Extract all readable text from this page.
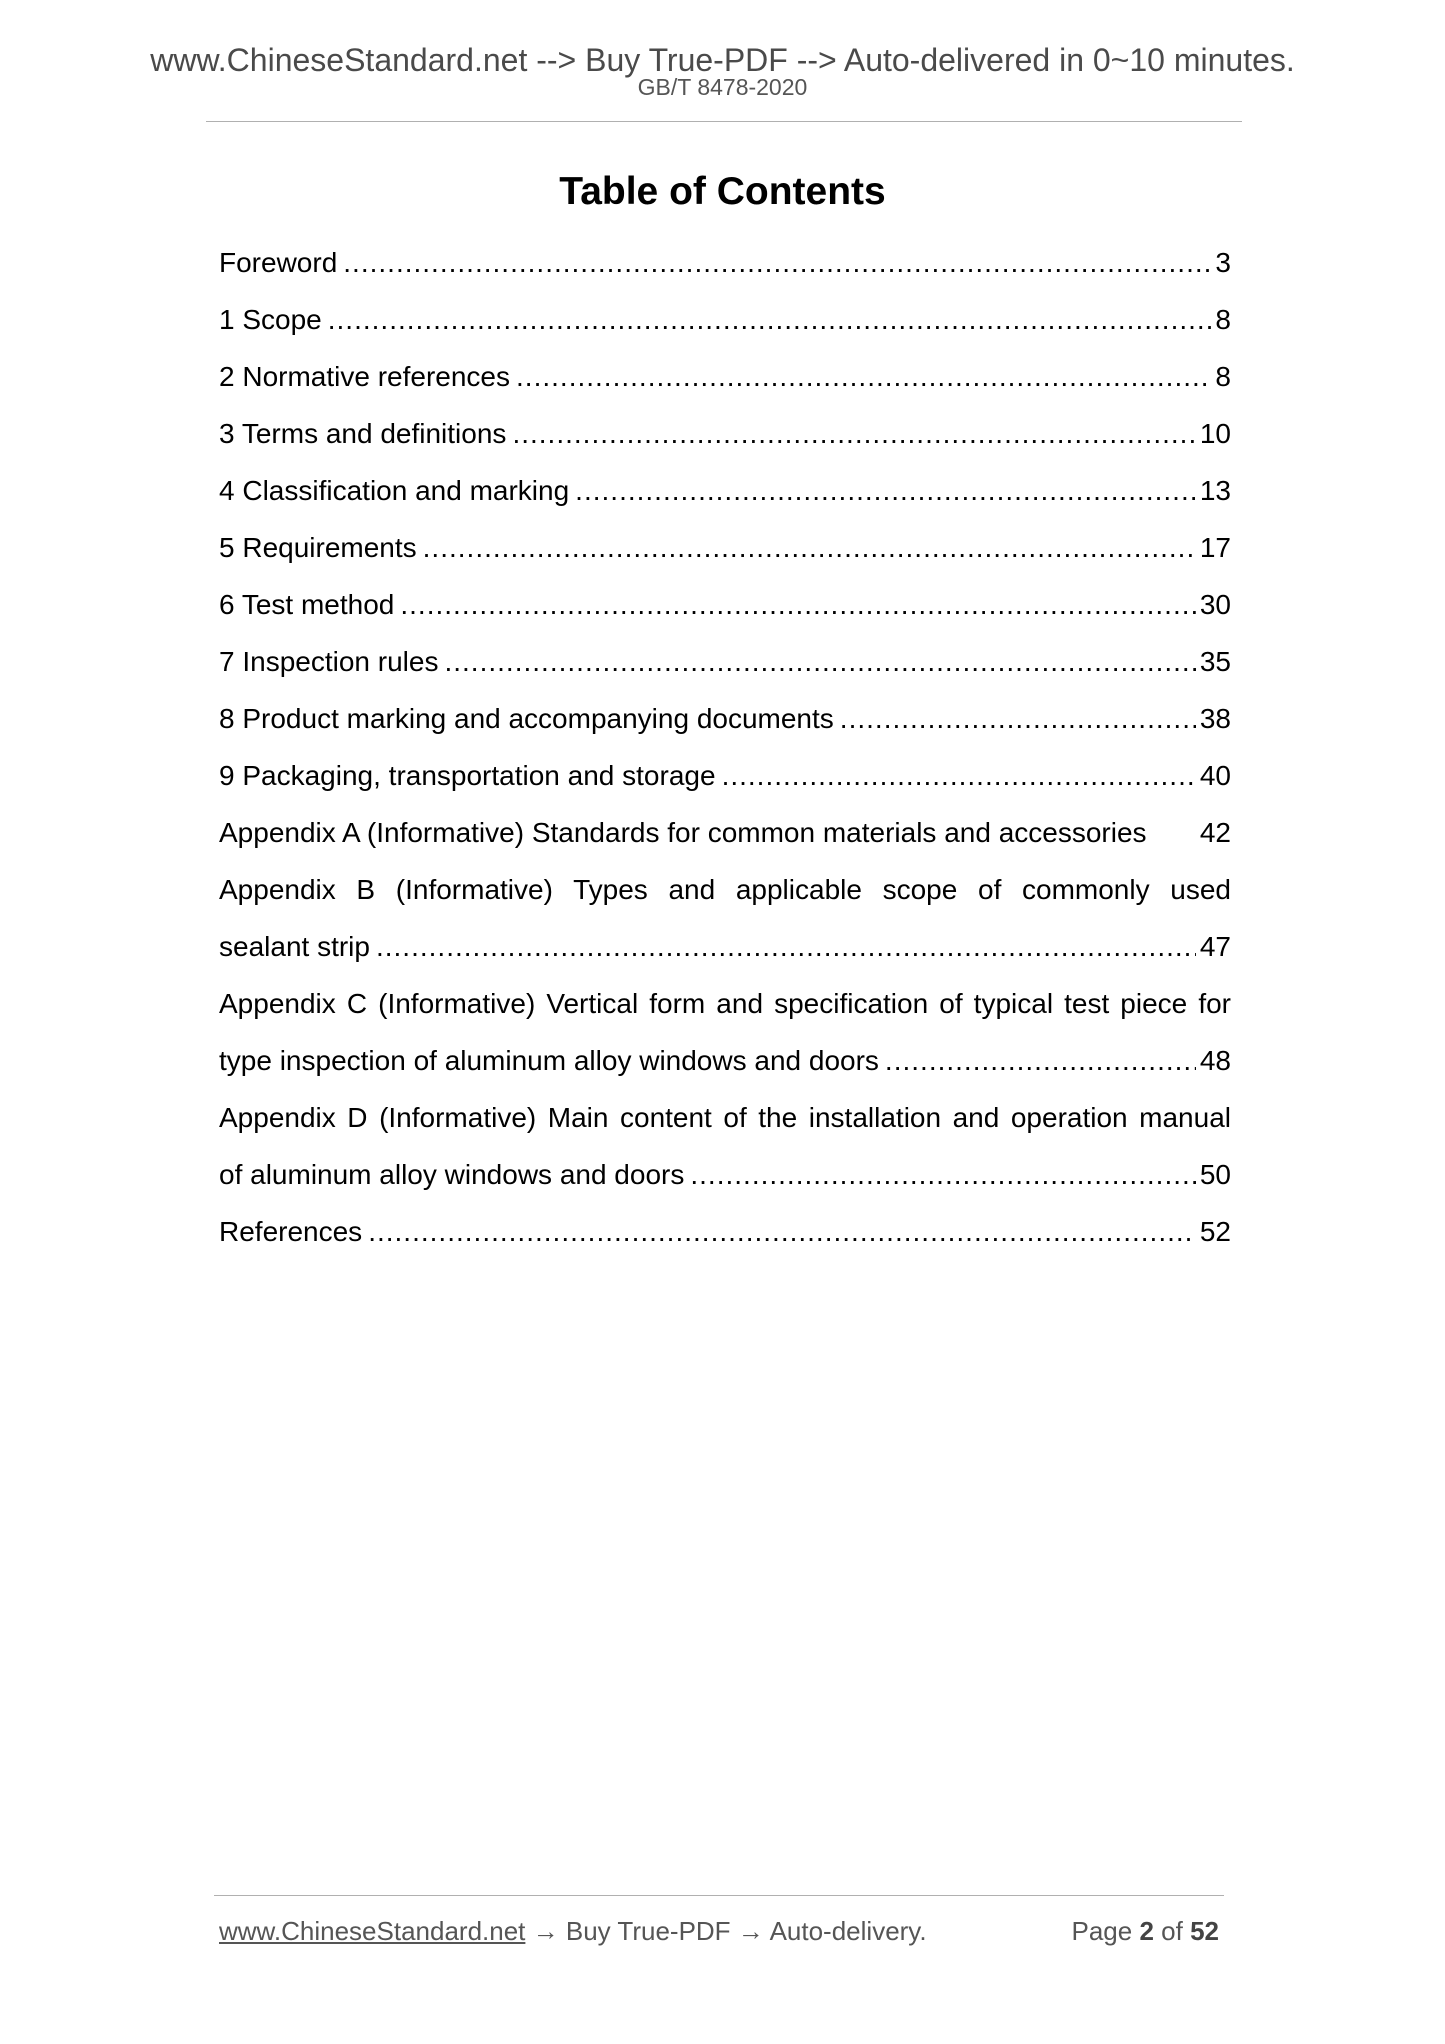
www.ChineseStandard.net --> Buy True-PDF --> Auto-delivered in 0~10 minutes.
GB/T 8478-2020
Table of Contents
Foreword .....	3
1 Scope .....	8
2 Normative references .....	8
3 Terms and definitions .....	10
4 Classification and marking .....	13
5 Requirements .....	17
6 Test method .....	30
7 Inspection rules .....	35
8 Product marking and accompanying documents .....	38
9 Packaging, transportation and storage .....	40
Appendix A (Informative) Standards for common materials and accessories 42
Appendix B (Informative) Types and applicable scope of commonly used
sealant strip .....	47
Appendix C (Informative) Vertical form and specification of typical test piece for
type inspection of aluminum alloy windows and doors .....	48
Appendix D (Informative) Main content of the installation and operation manual
of aluminum alloy windows and doors .....	50
References .....	52
www.ChineseStandard.net → Buy True-PDF → Auto-delivery.	Page 2 of 52
